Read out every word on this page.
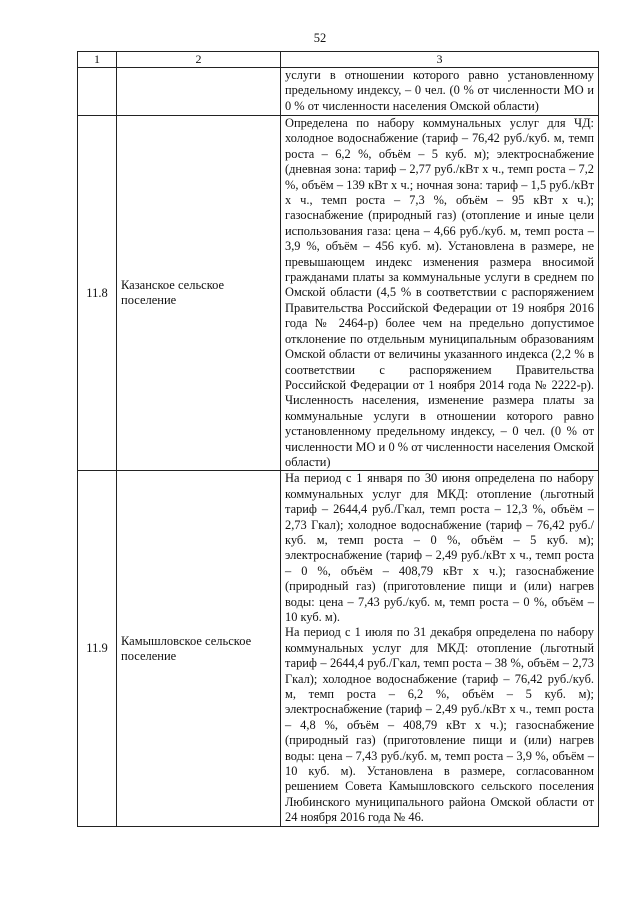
52
1	2	3
		услуги в отношении которого равно установленному предельному индексу, – 0 чел. (0 % от численности МО и 0 % от численности населения Омской области)
11.8	Казанское сельское поселение	Определена по набору коммунальных услуг для ЧД: холодное водоснабжение (тариф – 76,42 руб./куб. м, темп роста – 6,2 %, объём – 5 куб. м); электроснабжение (дневная зона: тариф – 2,77 руб./кВт х ч., темп роста – 7,2 %, объём – 139 кВт х ч.; ночная зона: тариф – 1,5 руб./кВт х ч., темп роста – 7,3 %, объём – 95 кВт х ч.); газоснабжение (природный газ) (отопление и иные цели использования газа: цена – 4,66 руб./куб. м, темп роста – 3,9 %, объём – 456 куб. м). Установлена в размере, не превышающем индекс изменения размера вносимой гражданами платы за коммунальные услуги в среднем по Омской области (4,5 % в соответствии с распоряжением Правительства Российской Федерации от 19 ноября 2016 года № 2464-р) более чем на предельно допустимое отклонение по отдельным муниципальным образованиям Омской области от величины указанного индекса (2,2 % в соответствии с распоряжением Правительства Российской Федерации от 1 ноября 2014 года № 2222-р). Численность населения, изменение размера платы за коммунальные услуги в отношении которого равно установленному предельному индексу, – 0 чел. (0 % от численности МО и 0 % от численности населения Омской области)

11.9	Камышловское сельское поселение	На период с 1 января по 30 июня определена по набору коммунальных услуг для МКД: отопление (льготный тариф – 2644,4 руб./Гкал, темп роста – 12,3 %, объём – 2,73 Гкал); холодное водоснабжение (тариф – 76,42 руб./куб. м, темп роста – 0 %, объём – 5 куб. м); электроснабжение (тариф – 2,49 руб./кВт х ч., темп роста – 0 %, объём – 408,79 кВт х ч.); газоснабжение (природный газ) (приготовление пищи и (или) нагрев воды: цена – 7,43 руб./куб. м, темп роста – 0 %, объём – 10 куб. м).
На период с 1 июля по 31 декабря определена по набору коммунальных услуг для МКД: отопление (льготный тариф – 2644,4 руб./Гкал, темп роста – 38 %, объём – 2,73 Гкал); холодное водоснабжение (тариф – 76,42 руб./куб. м, темп роста – 6,2 %, объём – 5 куб. м); электроснабжение (тариф – 2,49 руб./кВт х ч., темп роста – 4,8 %, объём – 408,79 кВт х ч.); газоснабжение (природный газ) (приготовление пищи и (или) нагрев воды: цена – 7,43 руб./куб. м, темп роста – 3,9 %, объём – 10 куб. м). Установлена в размере, согласованном решением Совета Камышловского сельского поселения Любинского муниципального района Омской области от 24 ноября 2016 года № 46.
